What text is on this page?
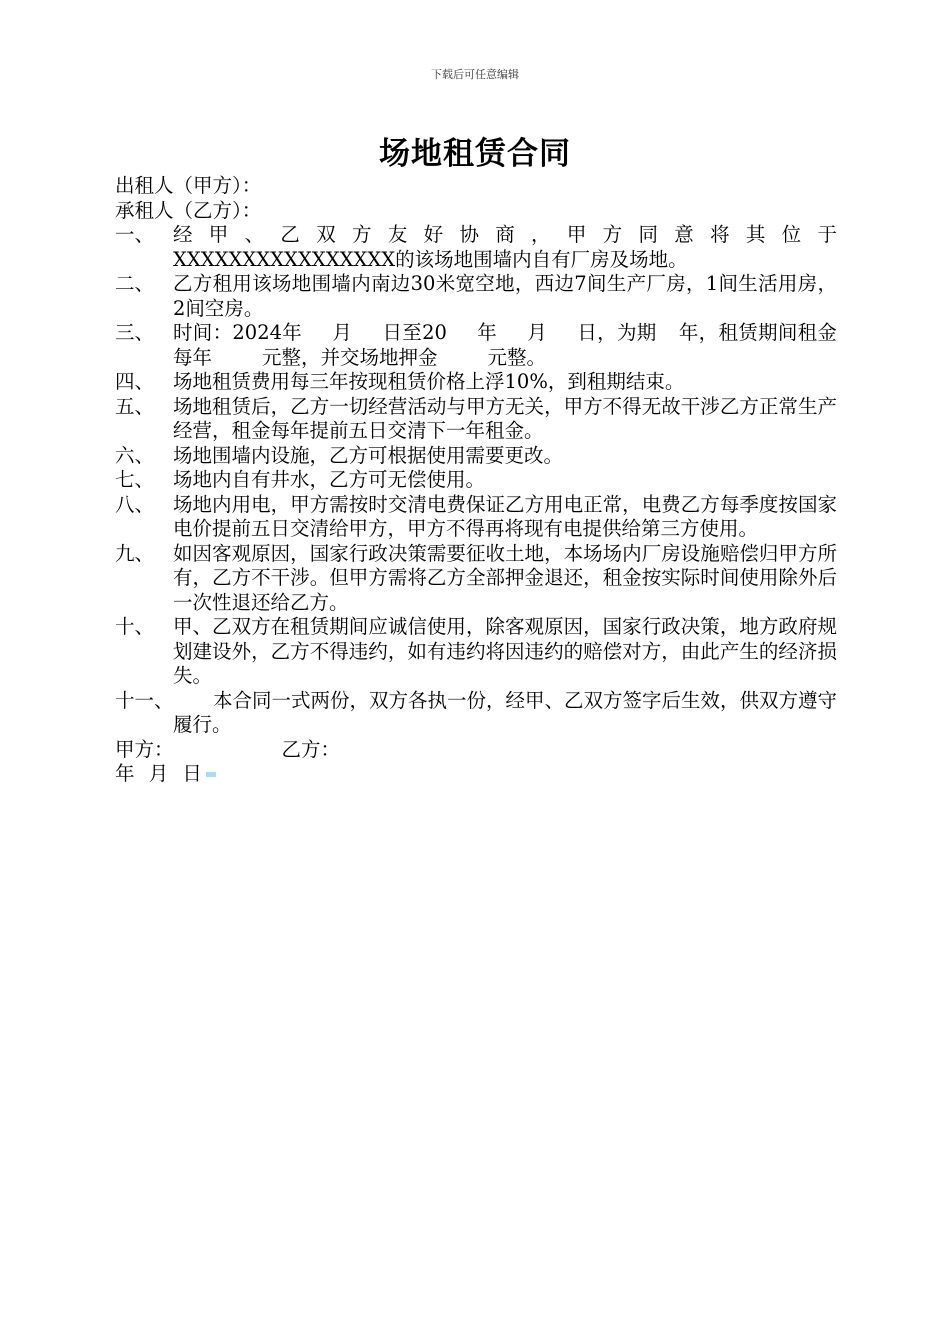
下载后可任意编辑
场地租赁合同
出租人（甲方）：
承租人（乙方）：
一、 经甲、乙双方友好协商，甲方同意将其位于
XXXXXXXXXXXXXXXX的该场地围墙内自有厂房及场地。
二、 乙方租用该场地围墙内南边30米宽空地，西边7间生产厂房，1间生活用房，2间空房。
三、 时间：2024年 月 日至20 年 月 日，为期 年，租赁期间租金每年	元整，并交场地押金	元整。
四、 场地租赁费用每三年按现租赁价格上浮10%，到租期结束。
五、 场地租赁后，乙方一切经营活动与甲方无关，甲方不得无故干涉乙方正常生产经营，租金每年提前五日交清下一年租金。
六、 场地围墙内设施，乙方可根据使用需要更改。
七、 场地内自有井水，乙方可无偿使用。
八、 场地内用电，甲方需按时交清电费保证乙方用电正常，电费乙方每季度按国家电价提前五日交清给甲方，甲方不得再将现有电提供给第三方使用。
九、 如因客观原因，国家行政决策需要征收土地，本场场内厂房设施赔偿归甲方所有，乙方不干涉。但甲方需将乙方全部押金退还，租金按实际时间使用除外后一次性退还给乙方。
十、 甲、乙双方在租赁期间应诚信使用，除客观原因，国家行政决策，地方政府规划建设外，乙方不得违约，如有违约将因违约的赔偿对方，由此产生的经济损失。
十一、 本合同一式两份，双方各执一份，经甲、乙双方签字后生效，供双方遵守履行。
甲方：	乙方：
年 月 日
